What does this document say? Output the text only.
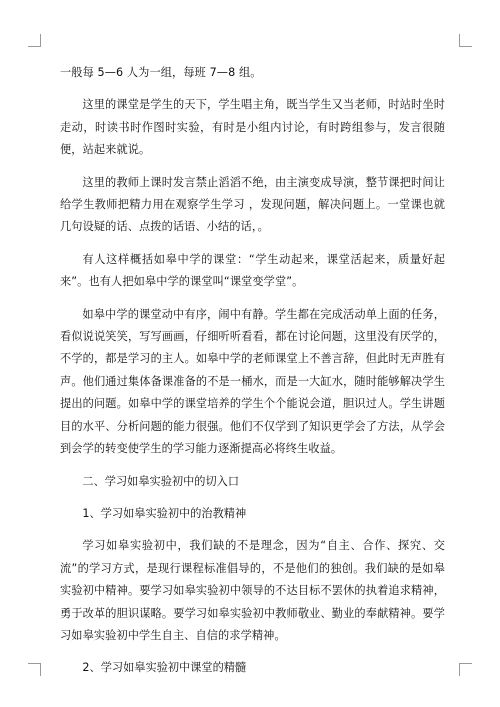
一般每 5—6 人为一组，每班 7—8 组。

这里的课堂是学生的天下，学生唱主角，既当学生又当老师，时站时坐时走动，时读书时作图时实验，有时是小组内讨论，有时跨组参与，发言很随便，站起来就说。

这里的教师上课时发言禁止滔滔不绝，由主演变成导演，整节课把时间让给学生教师把精力用在观察学生学习 ，发现问题，解决问题上。一堂课也就几句设疑的话、点拨的话语、小结的话，。

有人这样概括如皋中学的课堂：“学生动起来，课堂活起来，质量好起来”。也有人把如皋中学的课堂叫“课堂变学堂”。

如皋中学的课堂动中有序，闹中有静。学生都在完成活动单上面的任务，看似说说笑笑，写写画画，仔细听听看看，都在讨论问题，这里没有厌学的，不学的，都是学习的主人。如皋中学的老师课堂上不善言辞，但此时无声胜有声。他们通过集体备课准备的不是一桶水，而是一大缸水，随时能够解决学生提出的问题。如皋中学的课堂培养的学生个个能说会道，胆识过人。学生讲题目的水平、分析问题的能力很强。他们不仅学到了知识更学会了方法，从学会到会学的转变使学生的学习能力逐渐提高必将终生收益。

二、学习如皋实验初中的切入口

1、学习如皋实验初中的治教精神

学习如皋实验初中，我们缺的不是理念，因为“自主、合作、探究、交流”的学习方式，是现行课程标准倡导的，不是他们的独创。我们缺的是如皋实验初中精神。要学习如皋实验初中领导的不达目标不罢休的执着追求精神，勇于改革的胆识谋略。要学习如皋实验初中教师敬业、勤业的奉献精神。要学习如皋实验初中学生自主、自信的求学精神。

2、学习如皋实验初中课堂的精髓
